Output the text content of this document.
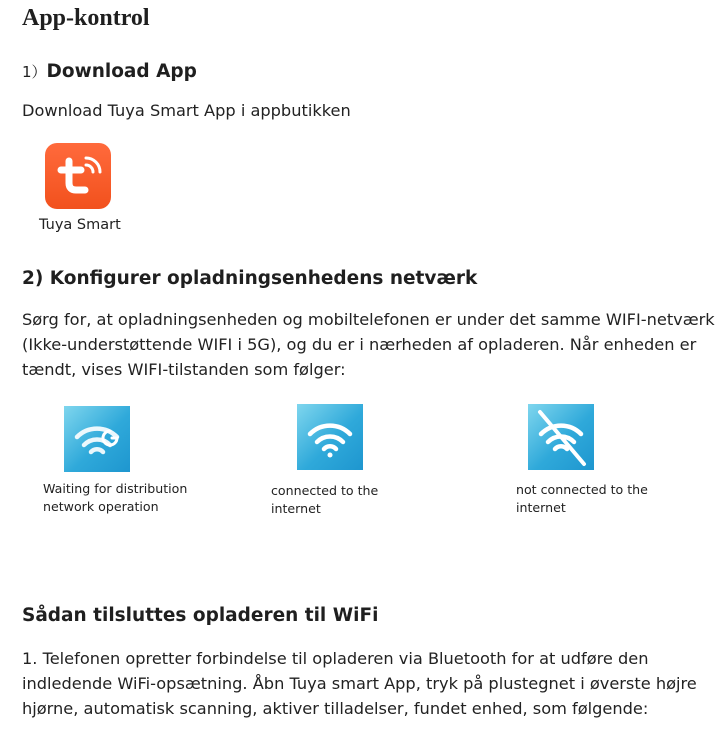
App-kontrol
1）Download App
Download Tuya Smart App i appbutikken
Tuya Smart
2) Konfigurer opladningsenhedens netværk
Sørg for, at opladningsenheden og mobiltelefonen er under det samme WIFI-netværk
(Ikke-understøttende WIFI i 5G), og du er i nærheden af opladeren. Når enheden er
tændt, vises WIFI-tilstanden som følger:
Waiting for distribution
network operation
connected to the
internet
not connected to the
internet
Sådan tilsluttes opladeren til WiFi
1. Telefonen opretter forbindelse til opladeren via Bluetooth for at udføre den
indledende WiFi-opsætning. Åbn Tuya smart App, tryk på plustegnet i øverste højre
hjørne, automatisk scanning, aktiver tilladelser, fundet enhed, som følgende:
